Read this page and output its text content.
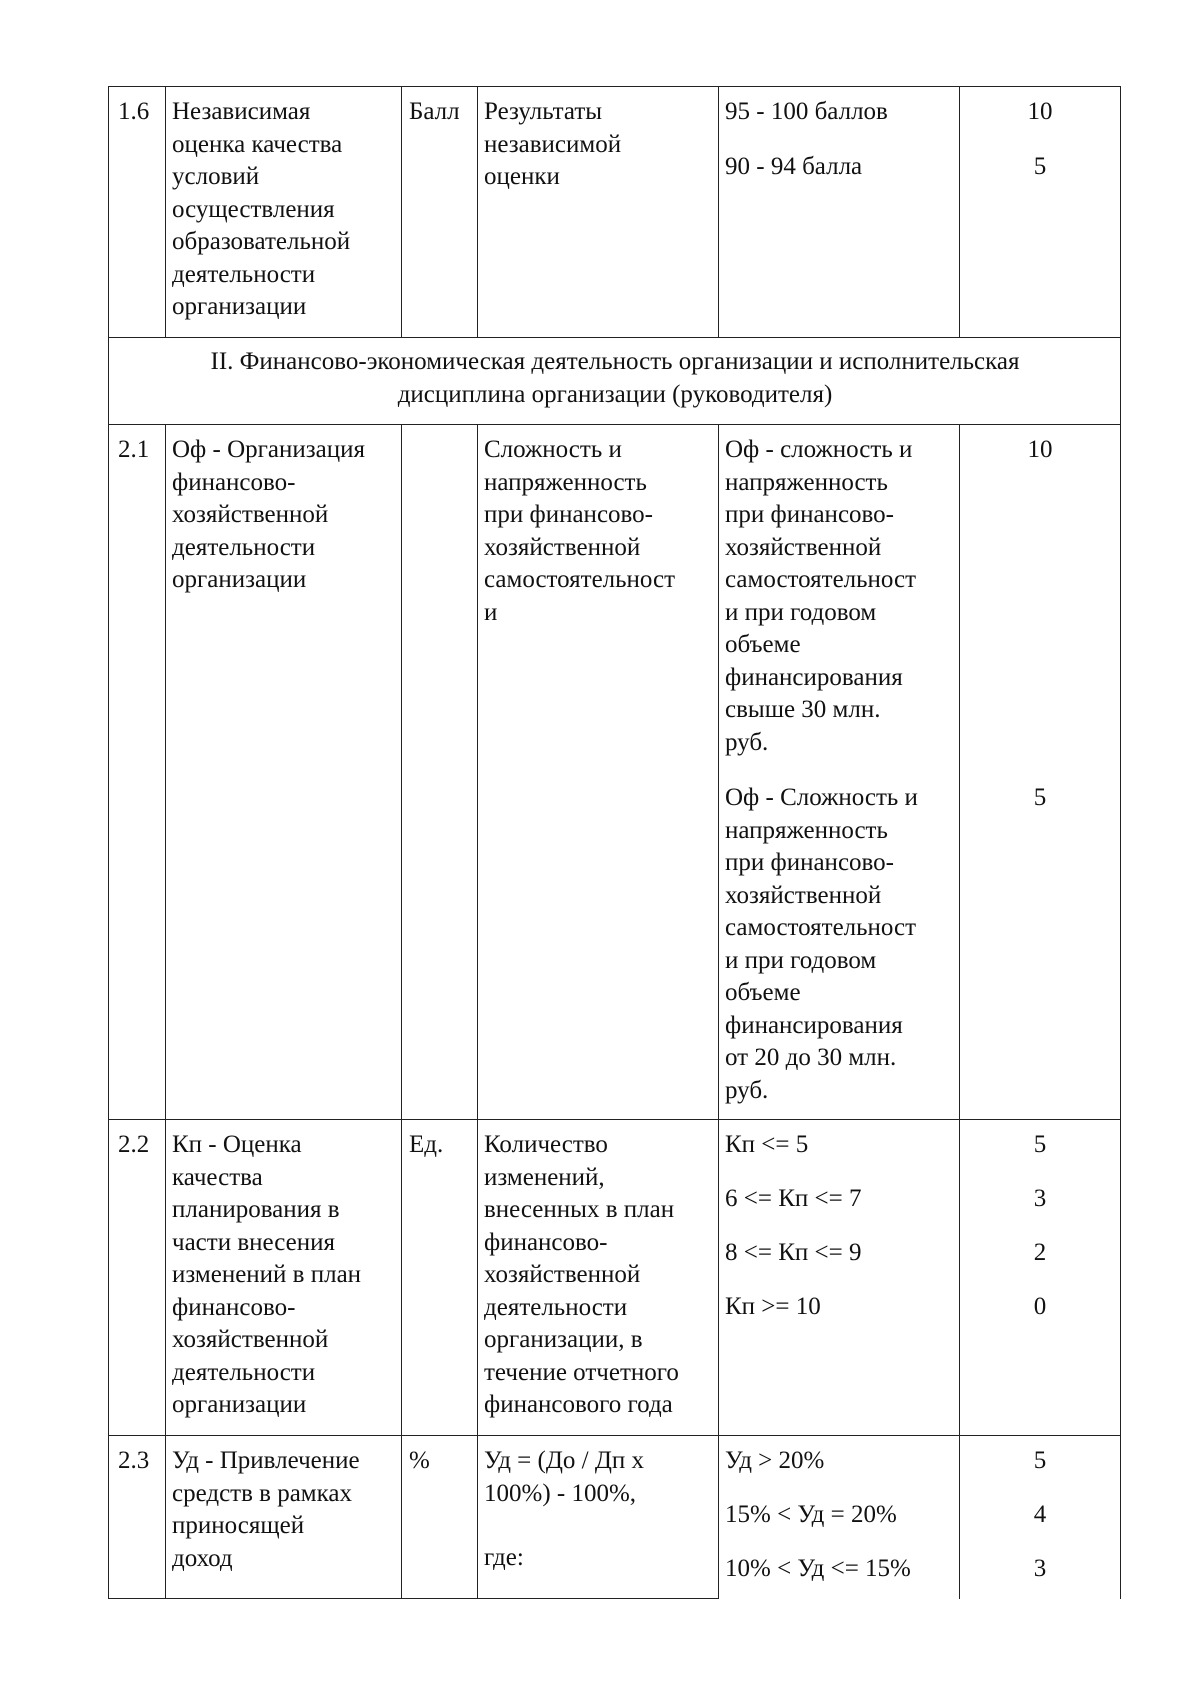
1.6 Независимая
оценка качества
условий
осуществления
образовательной
деятельности
организации
Балл Результаты
независимой
оценки
95 - 100 баллов
90 - 94 балла
10
5
II. Финансово-экономическая деятельность организации и исполнительская
дисциплина организации (руководителя)
2.1 Оф - Организация
финансово-
хозяйственной
деятельности
организации
Сложность и
напряженность
при финансово-
хозяйственной
самостоятельност
и
Оф - сложность и
напряженность
при финансово-
хозяйственной
самостоятельност
и при годовом
объеме
финансирования
свыше 30 млн.
руб.
Оф - Сложность и
напряженность
при финансово-
хозяйственной
самостоятельност
и при годовом
объеме
финансирования
от 20 до 30 млн.
руб.
10
5
2.2 Кп - Оценка
качества
планирования в
части внесения
изменений в план
финансово-
хозяйственной
деятельности
организации
Ед.	Количество
изменений,
внесенных в план
финансово-
хозяйственной
деятельности
организации, в
течение отчетного
финансового года
Кп <= 5
6 <= Кп <= 7
8 <= Кп <= 9
Кп >= 10
5
3
2
0
2.3 Уд - Привлечение
средств в рамках
приносящей
доход
%	Уд = (До / Дп x
100%) - 100%,
где:
Уд > 20%
15% < Уд = 20%
10% < Уд <= 15%
5
4
3
